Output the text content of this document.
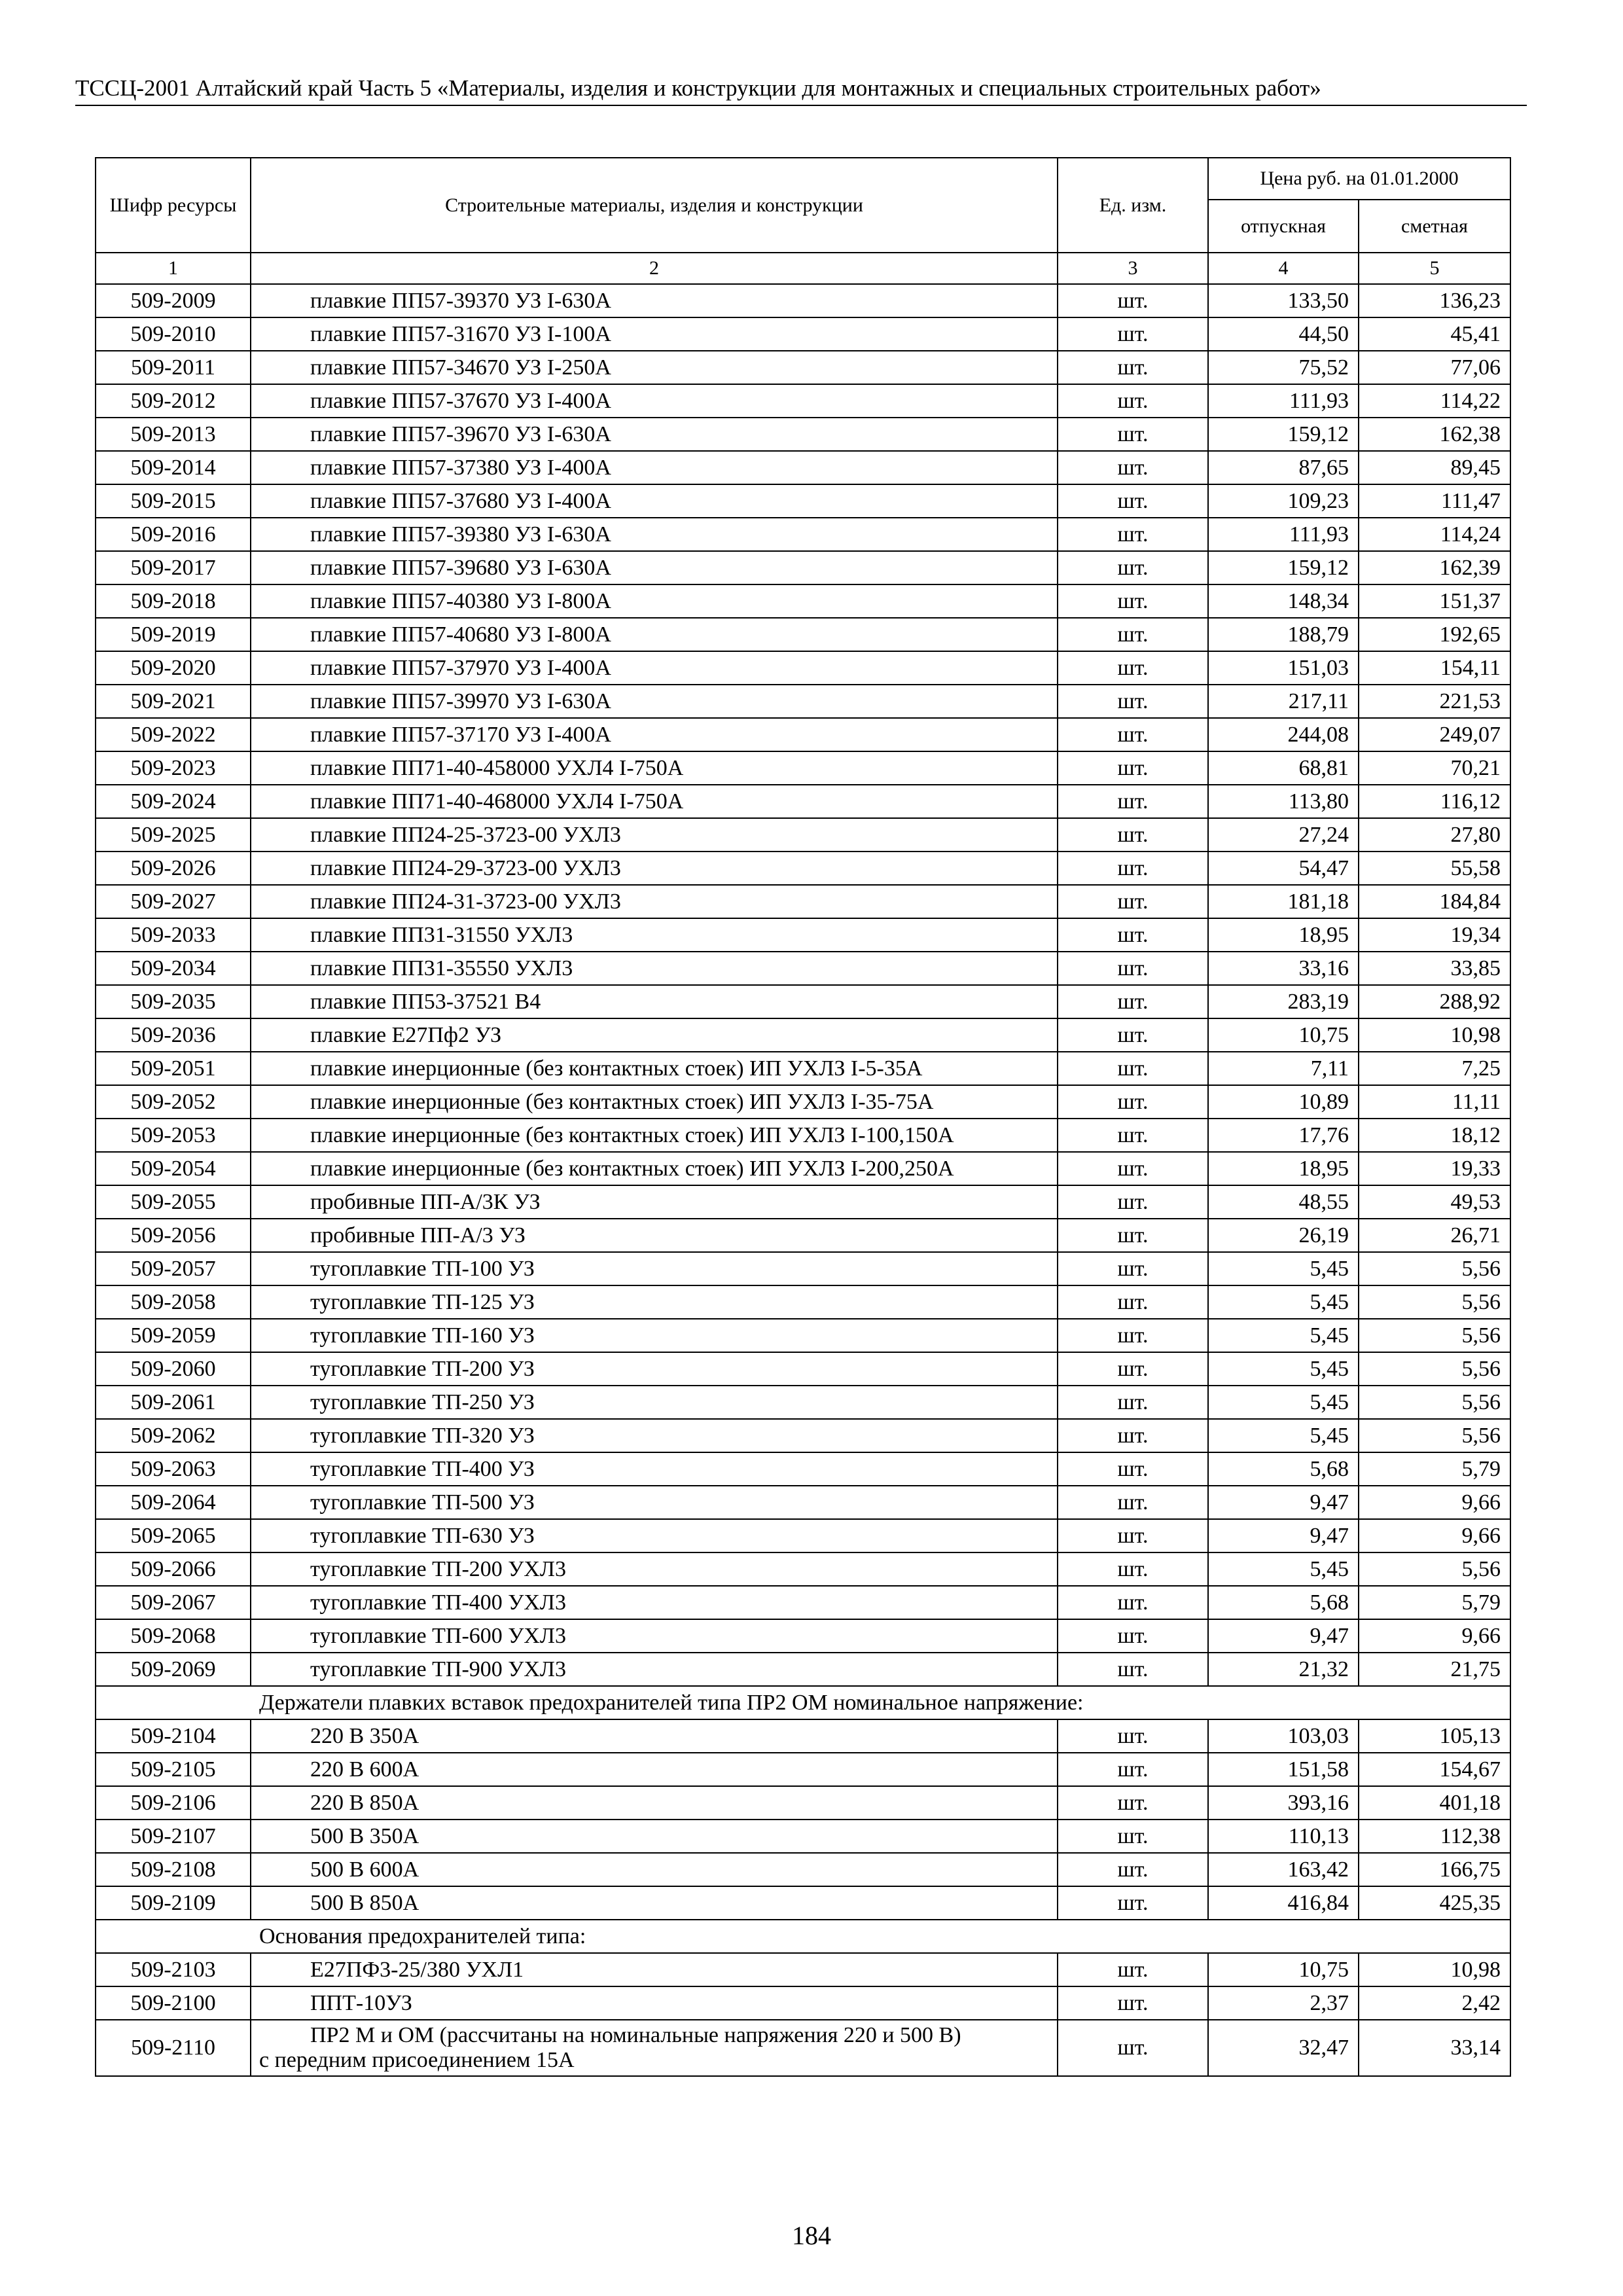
ТССЦ-2001 Алтайский край Часть 5 «Материалы, изделия и конструкции для монтажных и специальных строительных работ»
Шифр ресурсы	Строительные материалы, изделия и конструкции	Ед. изм.	Цена руб. на 01.01.2000	
			отпускная	сметная
1	2	3	4	5
509-2009	плавкие ПП57-39370 УЗ I-630А	шт.	133,50	136,23
509-2010	плавкие ПП57-31670 УЗ I-100А	шт.	44,50	45,41
509-2011	плавкие ПП57-34670 УЗ I-250А	шт.	75,52	77,06
509-2012	плавкие ПП57-37670 УЗ I-400А	шт.	111,93	114,22
509-2013	плавкие ПП57-39670 УЗ I-630А	шт.	159,12	162,38
509-2014	плавкие ПП57-37380 УЗ I-400А	шт.	87,65	89,45
509-2015	плавкие ПП57-37680 УЗ I-400А	шт.	109,23	111,47
509-2016	плавкие ПП57-39380 УЗ I-630А	шт.	111,93	114,24
509-2017	плавкие ПП57-39680 УЗ I-630А	шт.	159,12	162,39
509-2018	плавкие ПП57-40380 УЗ I-800А	шт.	148,34	151,37
509-2019	плавкие ПП57-40680 УЗ I-800А	шт.	188,79	192,65
509-2020	плавкие ПП57-37970 УЗ I-400А	шт.	151,03	154,11
509-2021	плавкие ПП57-39970 УЗ I-630А	шт.	217,11	221,53
509-2022	плавкие ПП57-37170 УЗ I-400А	шт.	244,08	249,07
509-2023	плавкие ПП71-40-458000 УХЛ4 I-750А	шт.	68,81	70,21
509-2024	плавкие ПП71-40-468000 УХЛ4 I-750А	шт.	113,80	116,12
509-2025	плавкие ПП24-25-3723-00 УХЛ3	шт.	27,24	27,80
509-2026	плавкие ПП24-29-3723-00 УХЛ3	шт.	54,47	55,58
509-2027	плавкие ПП24-31-3723-00 УХЛ3	шт.	181,18	184,84
509-2033	плавкие ПП31-31550 УХЛ3	шт.	18,95	19,34
509-2034	плавкие ПП31-35550 УХЛ3	шт.	33,16	33,85
509-2035	плавкие ПП53-37521 В4	шт.	283,19	288,92
509-2036	плавкие Е27Пф2 УЗ	шт.	10,75	10,98
509-2051	плавкие инерционные (без контактных стоек) ИП УХЛЗ I-5-35А	шт.	7,11	7,25
509-2052	плавкие инерционные (без контактных стоек) ИП УХЛЗ I-35-75А	шт.	10,89	11,11
509-2053	плавкие инерционные (без контактных стоек) ИП УХЛЗ I-100,150А	шт.	17,76	18,12
509-2054	плавкие инерционные (без контактных стоек) ИП УХЛЗ I-200,250А	шт.	18,95	19,33
509-2055	пробивные ПП-А/3К УЗ	шт.	48,55	49,53
509-2056	пробивные ПП-А/3 УЗ	шт.	26,19	26,71
509-2057	тугоплавкие ТП-100 УЗ	шт.	5,45	5,56
509-2058	тугоплавкие ТП-125 УЗ	шт.	5,45	5,56
509-2059	тугоплавкие ТП-160 УЗ	шт.	5,45	5,56
509-2060	тугоплавкие ТП-200 УЗ	шт.	5,45	5,56
509-2061	тугоплавкие ТП-250 УЗ	шт.	5,45	5,56
509-2062	тугоплавкие ТП-320 УЗ	шт.	5,45	5,56
509-2063	тугоплавкие ТП-400 УЗ	шт.	5,68	5,79
509-2064	тугоплавкие ТП-500 УЗ	шт.	9,47	9,66
509-2065	тугоплавкие ТП-630 УЗ	шт.	9,47	9,66
509-2066	тугоплавкие ТП-200 УХЛ3	шт.	5,45	5,56
509-2067	тугоплавкие ТП-400 УХЛ3	шт.	5,68	5,79
509-2068	тугоплавкие ТП-600 УХЛ3	шт.	9,47	9,66
509-2069	тугоплавкие ТП-900 УХЛ3	шт.	21,32	21,75
Держатели плавких вставок предохранителей типа ПР2 ОМ номинальное напряжение:				
509-2104	220 В 350А	шт.	103,03	105,13
509-2105	220 В 600А	шт.	151,58	154,67
509-2106	220 В 850А	шт.	393,16	401,18
509-2107	500 В 350А	шт.	110,13	112,38
509-2108	500 В 600А	шт.	163,42	166,75
509-2109	500 В 850А	шт.	416,84	425,35
Основания предохранителей типа:				
509-2103	Е27ПФ3-25/380 УХЛ1	шт.	10,75	10,98
509-2100	ППТ-10УЗ	шт.	2,37	2,42
509-2110	ПР2 М и ОМ (рассчитаны на номинальные напряжения 220 и 500 В)
с передним присоединением 15А	шт.	32,47	33,14
184
